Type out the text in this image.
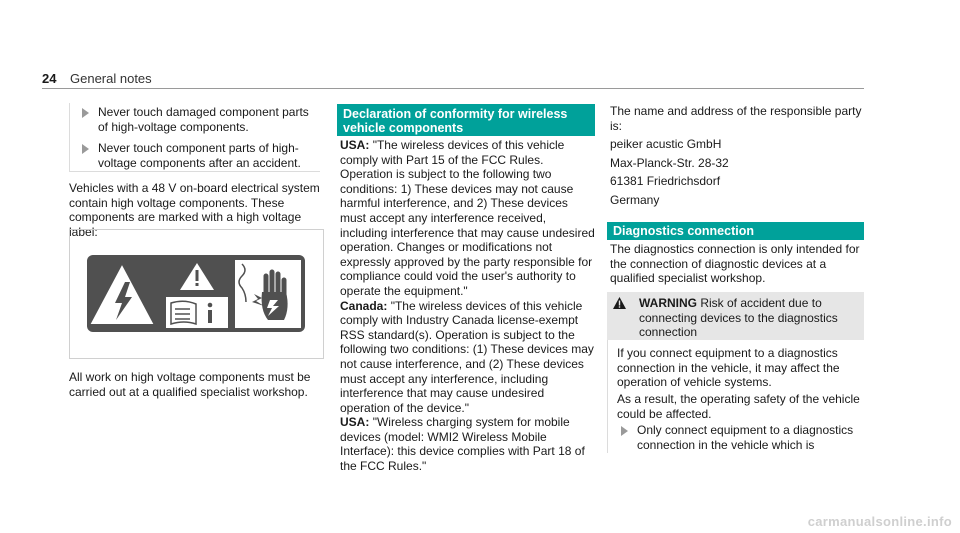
24 General notes
Never touch damaged component parts of high-voltage components.
Never touch component parts of high-voltage components after an accident.

Vehicles with a 48 V on-board electrical system contain high voltage components. These components are marked with a high voltage label:

All work on high voltage components must be carried out at a qualified specialist workshop.

Declaration of conformity for wireless vehicle components

USA: "The wireless devices of this vehicle comply with Part 15 of the FCC Rules. Operation is subject to the following two conditions: 1) These devices may not cause harmful interference, and 2) These devices must accept any interference received, including interference that may cause undesired operation. Changes or modifications not expressly approved by the party responsible for compliance could void the user's authority to operate the equipment."

Canada: "The wireless devices of this vehicle comply with Industry Canada license-exempt RSS standard(s). Operation is subject to the following two conditions: (1) These devices may not cause interference, and (2) These devices must accept any interference, including interference that may cause undesired operation of the device."

USA: "Wireless charging system for mobile devices (model: WMI2 Wireless Mobile Interface): this device complies with Part 18 of the FCC Rules."

The name and address of the responsible party is:

peiker acustic GmbH
Max-Planck-Str. 28-32
61381 Friedrichsdorf
Germany
Diagnostics connection

The diagnostics connection is only intended for the connection of diagnostic devices at a qualified specialist workshop.

WARNING Risk of accident due to connecting devices to the diagnostics connection

If you connect equipment to a diagnostics connection in the vehicle, it may affect the operation of vehicle systems.

As a result, the operating safety of the vehicle could be affected.

Only connect equipment to a diagnostics connection in the vehicle which is
carmanualsonline.info
